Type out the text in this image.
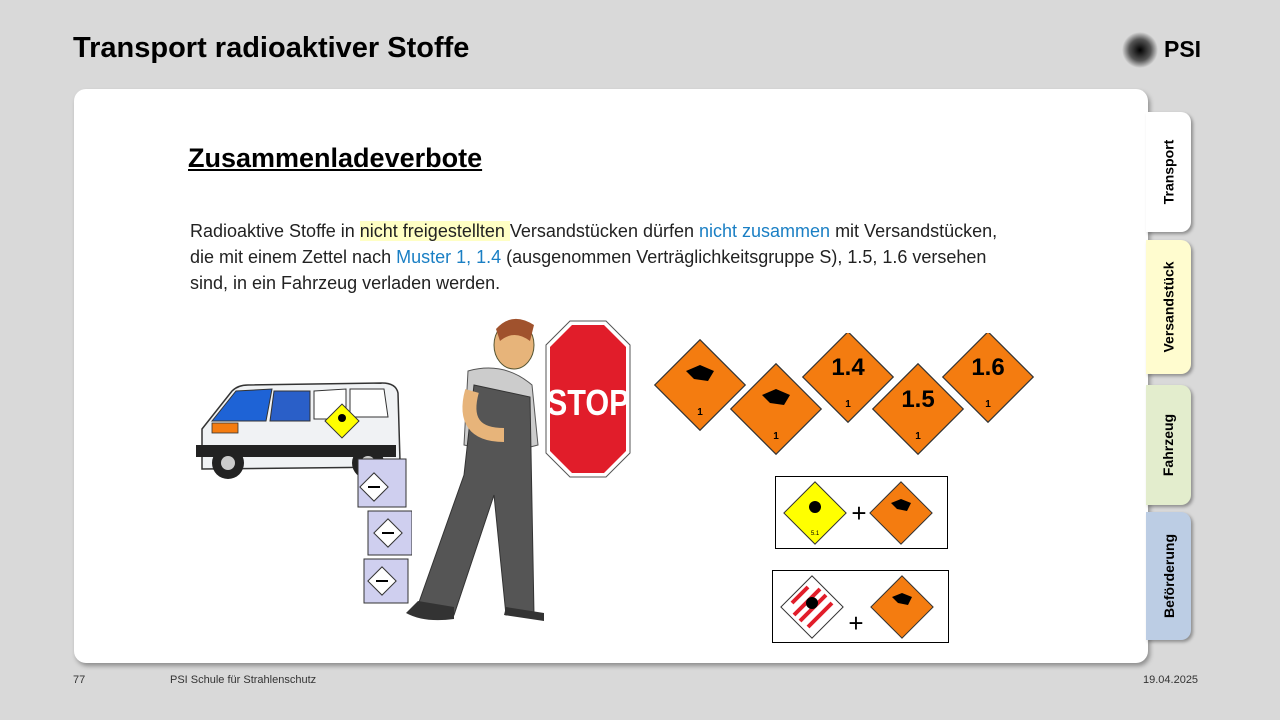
Transport radioaktiver Stoffe	PSI
Zusammenladeverbote
Radioaktive Stoffe in nicht freigestellten Versandstücken dürfen nicht zusammen mit Versandstücken, die mit einem Zettel nach Muster 1, 1.4 (ausgenommen Verträglichkeitsgruppe S), 1.5, 1.6 versehen sind, in ein Fahrzeug verladen werden.
STOP	1
1
1.4
1 1.5
1
1.6
1
5.1
+
+
Transport
Versandstück
Fahrzeug
Beförderung
77	PSI Schule für Strahlenschutz	19.04.2025
